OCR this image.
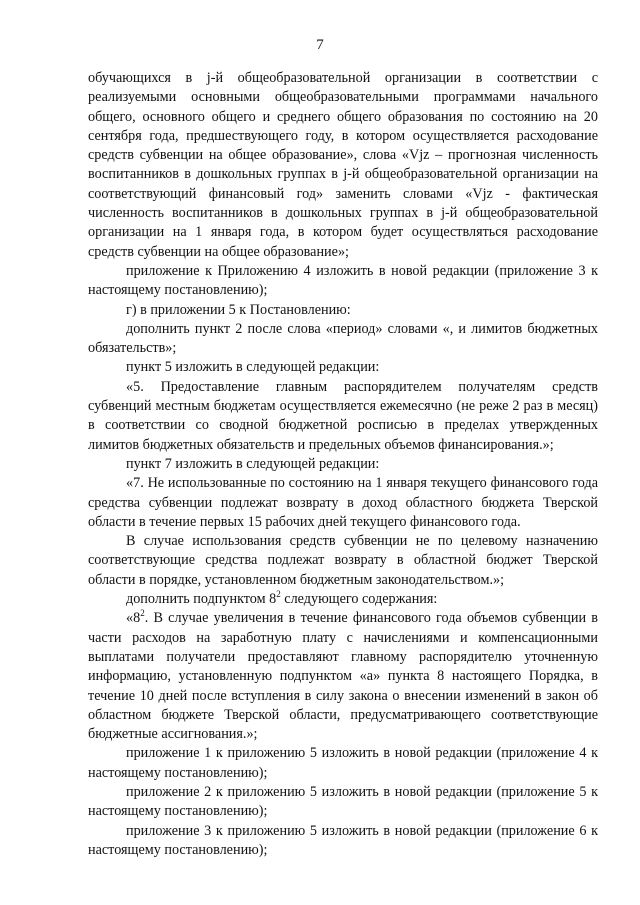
7

обучающихся в j-й общеобразовательной организации в соответствии с реализуемыми основными общеобразовательными программами начального общего, основного общего и среднего общего образования по состоянию на 20 сентября года, предшествующего году, в котором осуществляется расходование средств субвенции на общее образование», слова «Vjz – прогнозная численность воспитанников в дошкольных группах в j-й общеобразовательной организации на соответствующий финансовый год» заменить словами «Vjz - фактическая численность воспитанников в дошкольных группах в j-й общеобразовательной организации на 1 января года, в котором будет осуществляться расходование средств субвенции на общее образование»;

приложение к Приложению 4 изложить в новой редакции (приложение 3 к настоящему постановлению);

г) в приложении 5 к Постановлению:

дополнить пункт 2 после слова «период» словами «, и лимитов бюджетных обязательств»;

пункт 5 изложить в следующей редакции:

«5. Предоставление главным распорядителем получателям средств субвенций местным бюджетам осуществляется ежемесячно (не реже 2 раз в месяц) в соответствии со сводной бюджетной росписью в пределах утвержденных лимитов бюджетных обязательств и предельных объемов финансирования.»;

пункт 7 изложить в следующей редакции:

«7. Не использованные по состоянию на 1 января текущего финансового года средства субвенции подлежат возврату в доход областного бюджета Тверской области в течение первых 15 рабочих дней текущего финансового года.

В случае использования средств субвенции не по целевому назначению соответствующие средства подлежат возврату в областной бюджет Тверской области в порядке, установленном бюджетным законодательством.»;

дополнить подпунктом $8^2$ следующего содержания:

«$8^2$. В случае увеличения в течение финансового года объемов субвенции в части расходов на заработную плату с начислениями и компенсационными выплатами получатели предоставляют главному распорядителю уточненную информацию, установленную подпунктом «а» пункта 8 настоящего Порядка, в течение 10 дней после вступления в силу закона о внесении изменений в закон об областном бюджете Тверской области, предусматривающего соответствующие бюджетные ассигнования.»;

приложение 1 к приложению 5 изложить в новой редакции (приложение 4 к настоящему постановлению);

приложение 2 к приложению 5 изложить в новой редакции (приложение 5 к настоящему постановлению);

приложение 3 к приложению 5 изложить в новой редакции (приложение 6 к настоящему постановлению);
